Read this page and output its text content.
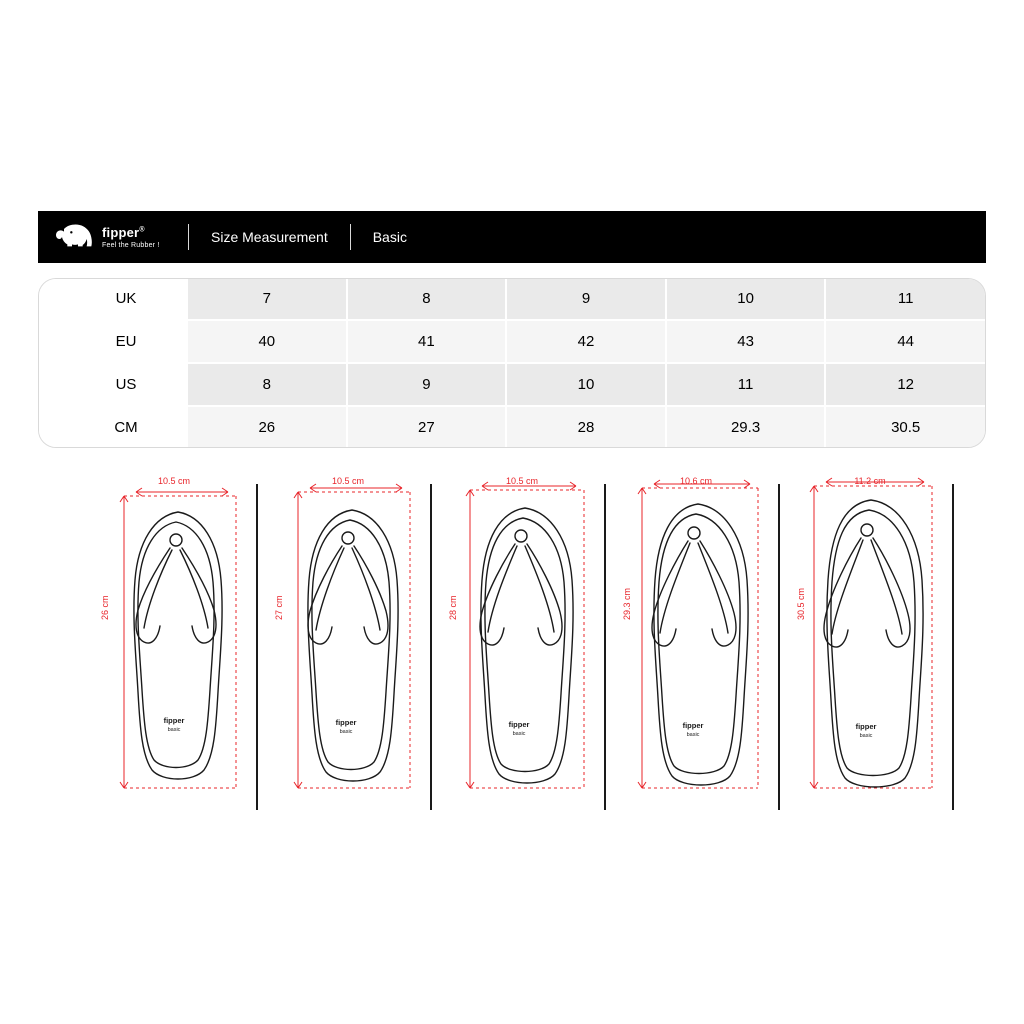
fipper®
Feel the Rubber !	Size Measurement	Basic
UK	7	8	9	10	11
EU	40	41	42	43	44
US	8	9	10	11	12
CM	26	27	28	29.3	30.5
10.5 cm
26 cm
fipper
basic
10.5 cm
27 cm
fipper
basic
10.5 cm
28 cm
fipper
basic
10.6 cm
29.3 cm
fipper
basic
11.2 cm
30.5 cm
fipper
basic
